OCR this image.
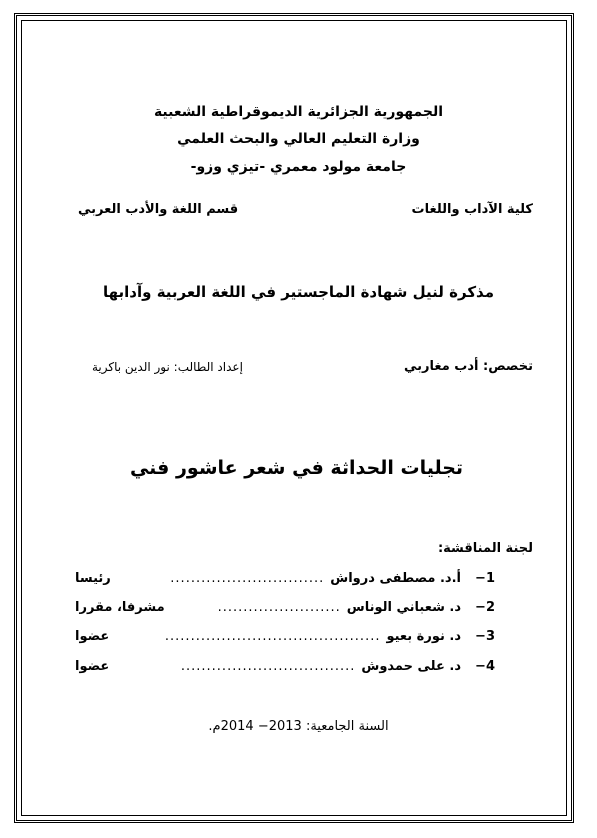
الجمهورية الجزائرية الديموقراطية الشعبية
وزارة التعليم العالي والبحث العلمي
جامعة مولود معمري -تيزي وزو-
كلية الآداب واللغات
قسم اللغة والأدب العربي
مذكرة لنيل شهادة الماجستير في اللغة العربية وآدابها
تخصص: أدب مغاربي
إعداد الطالب: نور الدين باكرية
تجليات الحداثة في شعر عاشور فني
لجنة المناقشة:
1−
أ.د. مصطفى درواش
..............................
رئيسا
2−
د. شعباني الوناس
........................
مشرفا، مقررا
3−
د. نورة بعيو
..........................................
عضوا
4−
د. على حمدوش
..................................
عضوا
السنة الجامعية: 2013− 2014م.
